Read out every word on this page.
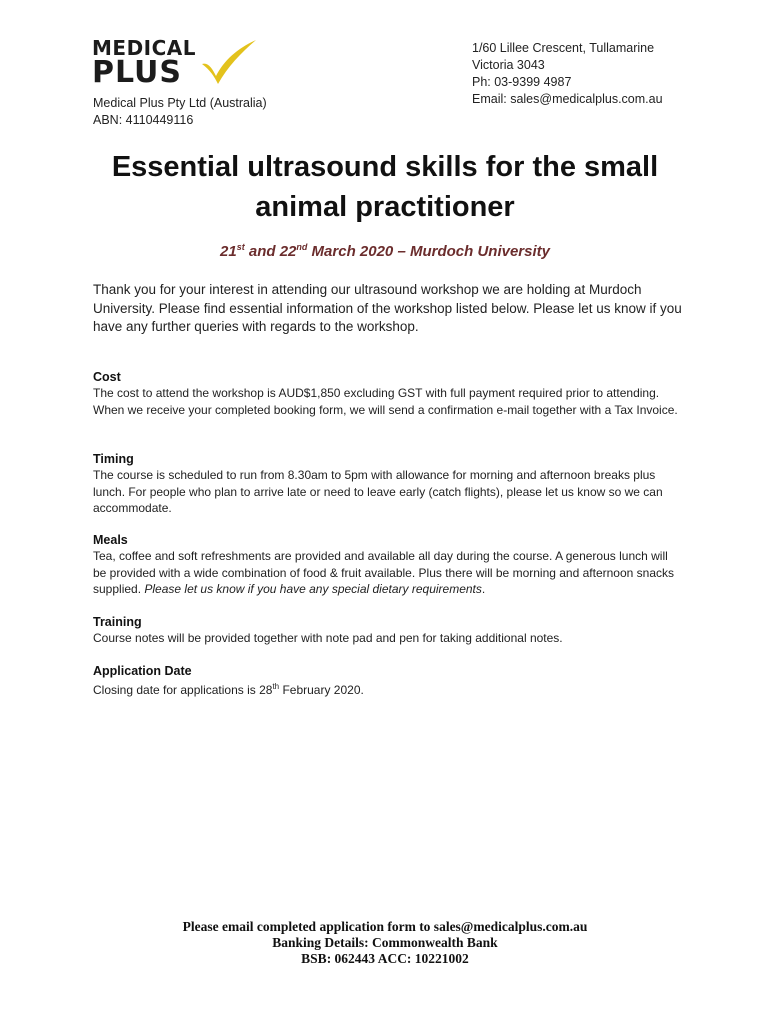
MEDICAL
PLUS
Medical Plus Pty Ltd (Australia)
ABN: 4110449116
1/60 Lillee Crescent, Tullamarine
Victoria 3043
Ph: 03-9399 4987
Email: sales@medicalplus.com.au
Essential ultrasound skills for the small
animal practitioner
21st and 22nd March 2020 – Murdoch University
Thank you for your interest in attending our ultrasound workshop we are holding at Murdoch University. Please find essential information of the workshop listed below. Please let us know if you have any further queries with regards to the workshop.
Cost

The cost to attend the workshop is AUD$1,850 excluding GST with full payment required prior to attending. When we receive your completed booking form, we will send a confirmation e-mail together with a Tax Invoice.

Timing

The course is scheduled to run from 8.30am to 5pm with allowance for morning and afternoon breaks plus lunch. For people who plan to arrive late or need to leave early (catch flights), please let us know so we can accommodate.

Meals

Tea, coffee and soft refreshments are provided and available all day during the course. A generous lunch will be provided with a wide combination of food & fruit available. Plus there will be morning and afternoon snacks supplied. Please let us know if you have any special dietary requirements.

Training

Course notes will be provided together with note pad and pen for taking additional notes.

Application Date

Closing date for applications is 28th February 2020.

Please email completed application form to sales@medicalplus.com.au
Banking Details: Commonwealth Bank
BSB: 062443 ACC: 10221002
